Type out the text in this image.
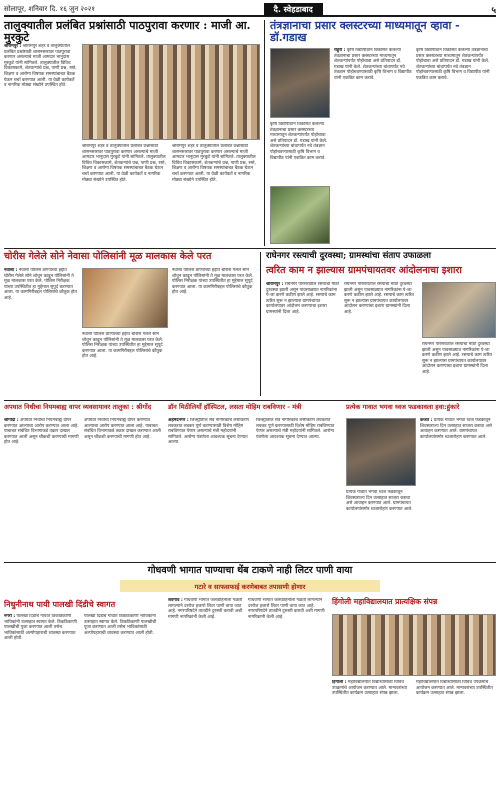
सोलापूर, शनिवार दि. १६ जुन २०२१	दै. स्वेहडाबाद	५
तालुक्यातील प्रलंबित प्रश्नांसाठी पाठपुरावा करणार : माजी आ. मुरकुटे
श्रीरामपुर : श्रीरामपुर शहर व तालुक्यातील प्रलंबित प्रश्नांसाठी शासनस्तरावर पाठपुरावा करणार असल्याचे माजी आमदार भानुदास मुरकुटे यांनी सांगितले. तालुक्यातील विविध विकासकामे, शेतकऱ्यांचे प्रश्न, पाणी प्रश्न, रस्ते, शिक्षण व आरोग्य विषयक समस्यांबाबत बैठक घेऊन चर्चा करण्यात आली. या वेळी कार्यकर्ते व नागरिक मोठ्या संख्येने उपस्थित होते.
श्रीरामपुर शहर व तालुक्यातील प्रलंबित प्रश्नांसाठी शासनस्तरावर पाठपुरावा करणार असल्याचे माजी आमदार भानुदास मुरकुटे यांनी सांगितले. तालुक्यातील विविध विकासकामे, शेतकऱ्यांचे प्रश्न, पाणी प्रश्न, रस्ते, शिक्षण व आरोग्य विषयक समस्यांबाबत बैठक घेऊन चर्चा करण्यात आली. या वेळी कार्यकर्ते व नागरिक मोठ्या संख्येने उपस्थित होते.
श्रीरामपुर शहर व तालुक्यातील प्रलंबित प्रश्नांसाठी शासनस्तरावर पाठपुरावा करणार असल्याचे माजी आमदार भानुदास मुरकुटे यांनी सांगितले. तालुक्यातील विविध विकासकामे, शेतकऱ्यांचे प्रश्न, पाणी प्रश्न, रस्ते, शिक्षण व आरोग्य विषयक समस्यांबाबत बैठक घेऊन चर्चा करण्यात आली. या वेळी कार्यकर्ते व नागरिक मोठ्या संख्येने उपस्थित होते.
तंत्रज्ञानाचा प्रसार क्लस्टरच्या माध्यमातून व्हावा - डॉ.गडाख
राहुरी : कृषि विद्यापीठाने विकसित केलेल्या तंत्रज्ञानाचा प्रसार क्लस्टरच्या माध्यमातून शेतकऱ्यांपर्यंत पोहोचावा असे प्रतिपादन डॉ. गडाख यांनी केले. शेतकऱ्यांच्या बांधापर्यंत नवे तंत्रज्ञान पोहोचवण्यासाठी कृषि विभाग व विद्यापीठ यांनी एकत्रित काम करावे.
कृषि विद्यापीठाने विकसित केलेल्या तंत्रज्ञानाचा प्रसार क्लस्टरच्या माध्यमातून शेतकऱ्यांपर्यंत पोहोचावा असे प्रतिपादन डॉ. गडाख यांनी केले. शेतकऱ्यांच्या बांधापर्यंत नवे तंत्रज्ञान पोहोचवण्यासाठी कृषि विभाग व विद्यापीठ यांनी एकत्रित काम करावे.
कृषि विद्यापीठाने विकसित केलेल्या तंत्रज्ञानाचा प्रसार क्लस्टरच्या माध्यमातून शेतकऱ्यांपर्यंत पोहोचावा असे प्रतिपादन डॉ. गडाख यांनी केले. शेतकऱ्यांच्या बांधापर्यंत नवे तंत्रज्ञान पोहोचवण्यासाठी कृषि विभाग व विद्यापीठ यांनी एकत्रित काम करावे.
चोरीस गेलेले सोने नेवासा पोलिसांनी मूळ मालकास केले परत
नेवासा : नेवासा पोलिस ठाण्याच्या हद्दीत चोरीस गेलेले सोने शोधून काढून पोलिसांनी ते मूळ मालकास परत केले. पोलिस निरीक्षक यांच्या उपस्थितीत हा मुद्देमाल सुपूर्द करण्यात आला. या कामगिरीबद्दल पोलिसांचे कौतुक होत आहे.
नेवासा पोलिस ठाण्याच्या हद्दीत चोरीस गेलेले सोने शोधून काढून पोलिसांनी ते मूळ मालकास परत केले. पोलिस निरीक्षक यांच्या उपस्थितीत हा मुद्देमाल सुपूर्द करण्यात आला. या कामगिरीबद्दल पोलिसांचे कौतुक होत आहे.
नेवासा पोलिस ठाण्याच्या हद्दीत चोरीस गेलेले सोने शोधून काढून पोलिसांनी ते मूळ मालकास परत केले. पोलिस निरीक्षक यांच्या उपस्थितीत हा मुद्देमाल सुपूर्द करण्यात आला. या कामगिरीबद्दल पोलिसांचे कौतुक होत आहे.
राघेनगर रस्त्याची दुरवस्था; ग्रामस्थांचा संताप उफाळला
त्वरित काम न झाल्यास ग्रामपंचायतवर आंदोलनाचा इशारा
श्रीरामपुर : राघेनगर परिसरातील रस्त्याची मोठी दुरवस्था झाली असून पावसाळ्यात नागरिकांना ये-जा करणे कठीण झाले आहे. रस्त्याचे काम त्वरित सुरू न झाल्यास ग्रामपंचायत कार्यालयावर आंदोलन करण्याचा इशारा ग्रामस्थांनी दिला आहे.
राघेनगर परिसरातील रस्त्याची मोठी दुरवस्था झाली असून पावसाळ्यात नागरिकांना ये-जा करणे कठीण झाले आहे. रस्त्याचे काम त्वरित सुरू न झाल्यास ग्रामपंचायत कार्यालयावर आंदोलन करण्याचा इशारा ग्रामस्थांनी दिला आहे.
राघेनगर परिसरातील रस्त्याची मोठी दुरवस्था झाली असून पावसाळ्यात नागरिकांना ये-जा करणे कठीण झाले आहे. रस्त्याचे काम त्वरित सुरू न झाल्यास ग्रामपंचायत कार्यालयावर आंदोलन करण्याचा इशारा ग्रामस्थांनी दिला आहे.
अपघात निधीचा नियमबाह्य वापर व्यवसायावर तालुका : श्रीगोंद
श्रीगोंदा : अपघात निधीचा नियमबाह्य वापर करण्यात आल्याचा आरोप करण्यात आला आहे. याबाबत संबंधित विभागाकडे तक्रार दाखल करण्यात आली असून चौकशी करण्याची मागणी होत आहे.
अपघात निधीचा नियमबाह्य वापर करण्यात आल्याचा आरोप करण्यात आला आहे. याबाबत संबंधित विभागाकडे तक्रार दाखल करण्यात आली असून चौकशी करण्याची मागणी होत आहे.
डॉन मिठीलियाँ हॉस्पिटल, लसता मोहिम राबविणार - मंत्री
अहमदनगर : जिल्ह्यातील सर्व नागरिकांचे लसीकरण लवकरात लवकर पूर्ण करण्यासाठी विशेष मोहिम राबविण्यात येणार असल्याचे मंत्री महोदयांनी सांगितले. आरोग्य यंत्रणेला आवश्यक सूचना देण्यात आल्या.
जिल्ह्यातील सर्व नागरिकांचे लसीकरण लवकरात लवकर पूर्ण करण्यासाठी विशेष मोहिम राबविण्यात येणार असल्याचे मंत्री महोदयांनी सांगितले. आरोग्य यंत्रणेला आवश्यक सूचना देण्यात आल्या.
प्रत्येक गावात भगवा ध्वज फडकावला हवा:हुंकारे
कर्जत : प्रत्येक गावात भगवा ध्वज फडकावून शिवस्वराज्य दिन उत्साहात साजरा करावा असे आवाहन करण्यात आले. ग्रामपंचायत कार्यालयांसमोर ध्वजारोहण करण्यात आले.
प्रत्येक गावात भगवा ध्वज फडकावून शिवस्वराज्य दिन उत्साहात साजरा करावा असे आवाहन करण्यात आले. ग्रामपंचायत कार्यालयांसमोर ध्वजारोहण करण्यात आले.
गोधवणी भागात पाण्याचा थेंब टाकणे नाही लिटर पाणी वाया
गटारे व साफसफाई करणेबाबत तपासणी होणार
निधुनीनाथ पायी पालखी दिंडीचे स्वागत
नगरी : पालखी दिंडीचे गावात ठिकठिकाणी भाविकांनी उत्साहात स्वागत केले. ठिकठिकाणी पालखीची पूजा करण्यात आली तसेच भाविकांसाठी अल्पोपहाराची व्यवस्था करण्यात आली होती.
पालखी दिंडीचे गावात ठिकठिकाणी भाविकांनी उत्साहात स्वागत केले. ठिकठिकाणी पालखीची पूजा करण्यात आली तसेच भाविकांसाठी अल्पोपहाराची व्यवस्था करण्यात आली होती.
शेवगाव : गोधवणी भागात जलवाहिनीला गळती लागल्याने दररोज हजारो लिटर पाणी वाया जात आहे. नगरपरिषदेने तातडीने दुरुस्ती करावी अशी मागणी नागरिकांनी केली आहे.
गोधवणी भागात जलवाहिनीला गळती लागल्याने दररोज हजारो लिटर पाणी वाया जात आहे. नगरपरिषदेने तातडीने दुरुस्ती करावी अशी मागणी नागरिकांनी केली आहे.
हिंगोली महाविद्यालयात प्रात्यक्षिक संपन्न
हिंगोली : महाविद्यालयात विद्यार्थ्यांसाठी विविध उपक्रमांचे आयोजन करण्यात आले. मान्यवरांच्या उपस्थितीत कार्यक्रम उत्साहात संपन्न झाला.
महाविद्यालयात विद्यार्थ्यांसाठी विविध उपक्रमांचे आयोजन करण्यात आले. मान्यवरांच्या उपस्थितीत कार्यक्रम उत्साहात संपन्न झाला.
